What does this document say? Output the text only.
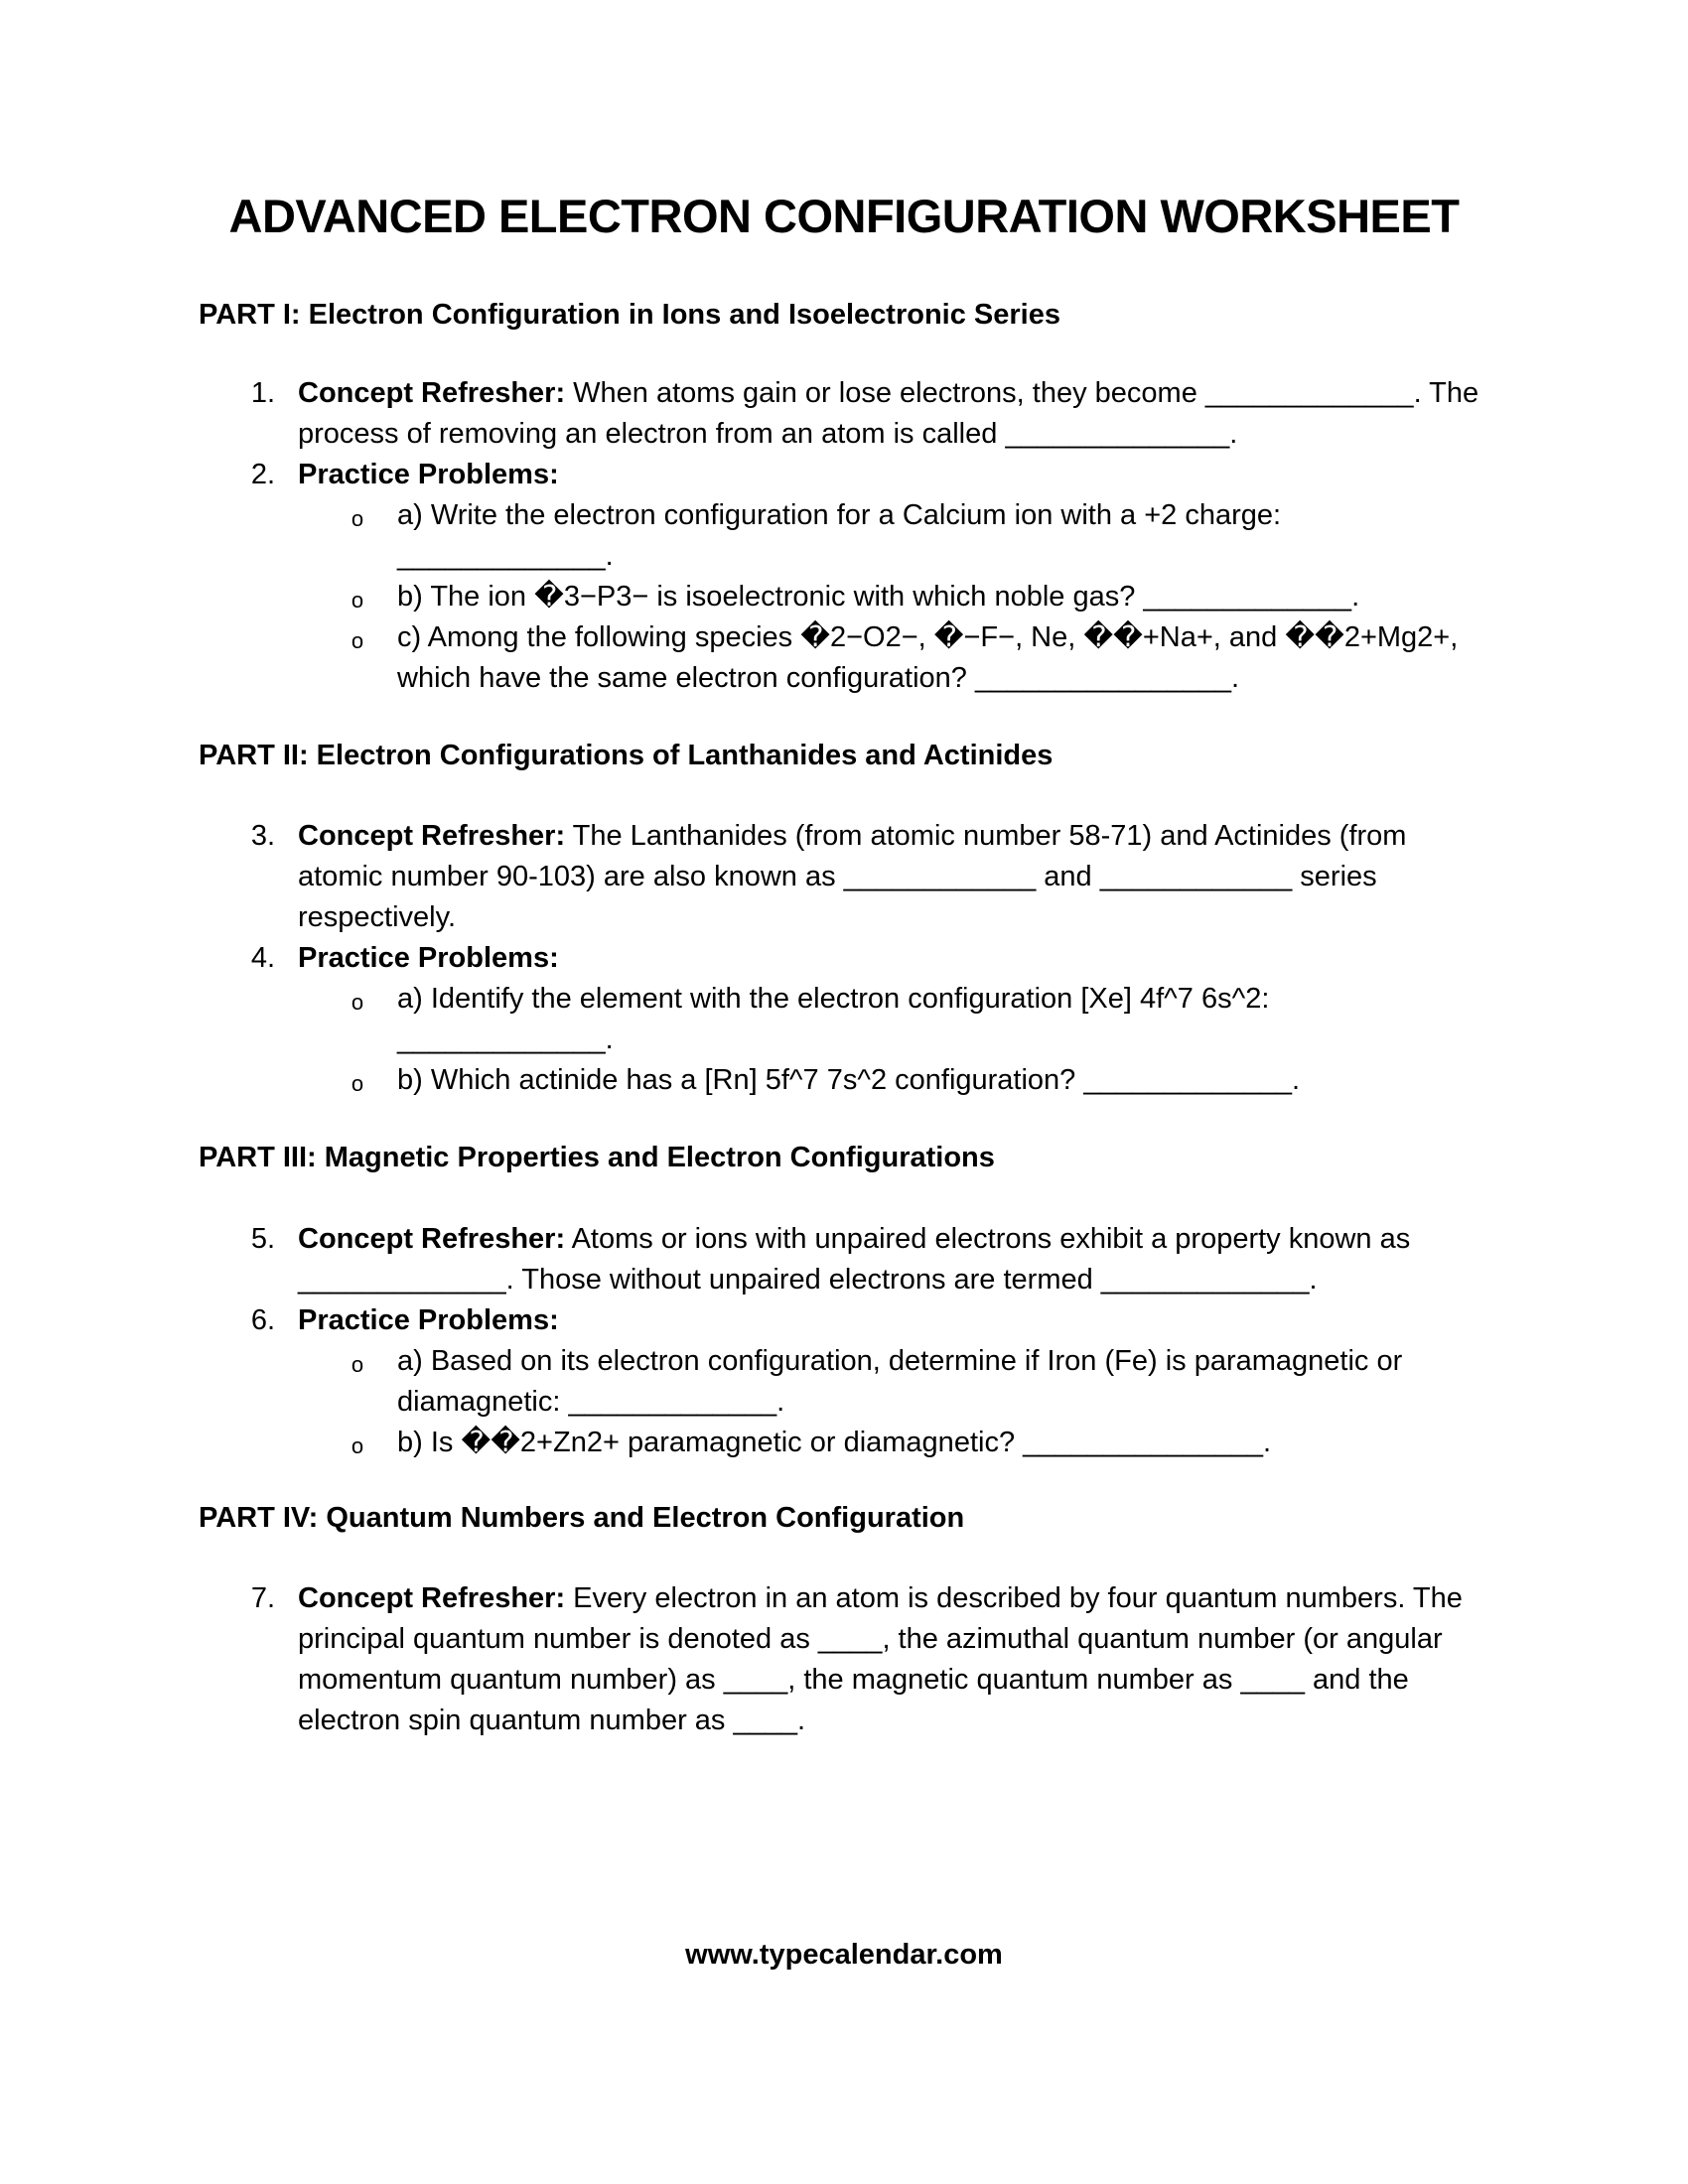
ADVANCED ELECTRON CONFIGURATION WORKSHEET
PART I: Electron Configuration in Ions and Isoelectronic Series
1. Concept Refresher: When atoms gain or lose electrons, they become _____________. The process of removing an electron from an atom is called ______________.
2. Practice Problems:
o a) Write the electron configuration for a Calcium ion with a +2 charge: _____________.
o b) The ion �3−P3− is isoelectronic with which noble gas? _____________.
o c) Among the following species �2−O2−, �−F−, Ne, ��+Na+, and ��2+Mg2+, which have the same electron configuration? ________________.
PART II: Electron Configurations of Lanthanides and Actinides
3. Concept Refresher: The Lanthanides (from atomic number 58-71) and Actinides (from atomic number 90-103) are also known as ____________ and ____________ series respectively.
4. Practice Problems:
o a) Identify the element with the electron configuration [Xe] 4f^7 6s^2: _____________.
o b) Which actinide has a [Rn] 5f^7 7s^2 configuration? _____________.
PART III: Magnetic Properties and Electron Configurations
5. Concept Refresher: Atoms or ions with unpaired electrons exhibit a property known as _____________. Those without unpaired electrons are termed _____________.
6. Practice Problems:
o a) Based on its electron configuration, determine if Iron (Fe) is paramagnetic or diamagnetic: _____________.
o b) Is ��2+Zn2+ paramagnetic or diamagnetic? _______________.
PART IV: Quantum Numbers and Electron Configuration
7. Concept Refresher: Every electron in an atom is described by four quantum numbers. The principal quantum number is denoted as ____, the azimuthal quantum number (or angular momentum quantum number) as ____, the magnetic quantum number as ____ and the electron spin quantum number as ____.
www.typecalendar.com
